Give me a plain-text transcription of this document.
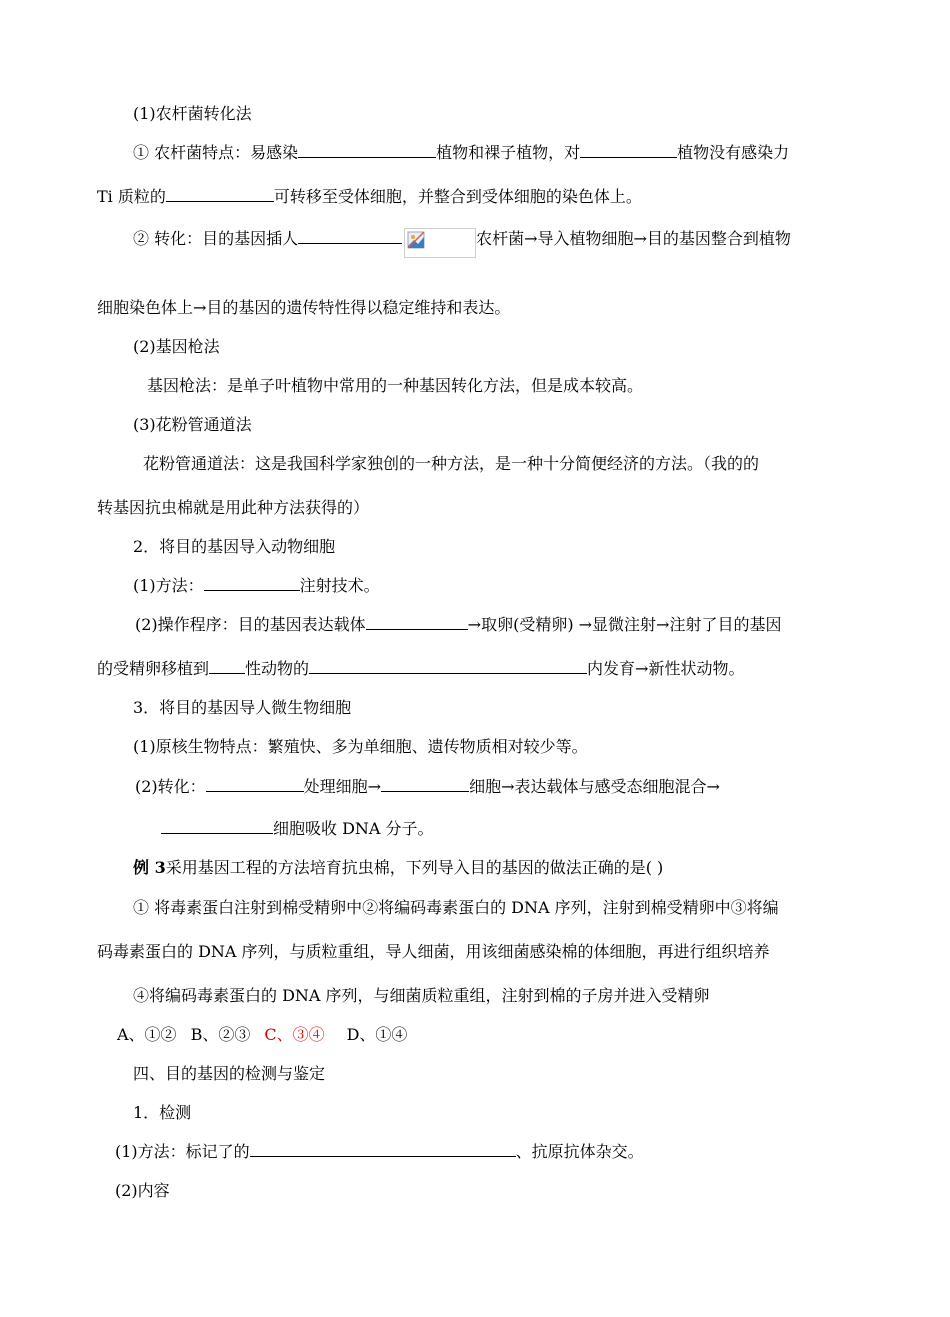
(1)农杆菌转化法
① 农杆菌特点：易感染	植物和裸子植物，对	植物没有感染力
Ti 质粒的	可转移至受体细胞，并整合到受体细胞的染色体上。
② 转化：目的基因插人	农杆菌→导入植物细胞→目的基因整合到植物
细胞染色体上→目的基因的遗传特性得以稳定维持和表达。
(2)基因枪法
基因枪法：是单子叶植物中常用的一种基因转化方法，但是成本较高。
(3)花粉管通道法
花粉管通道法：这是我国科学家独创的一种方法，是一种十分简便经济的方法。（我的的
转基因抗虫棉就是用此种方法获得的）
2．将目的基因导入动物细胞
(1)方法：	注射技术。
(2)操作程序：目的基因表达载体	→取卵(受精卵) →显微注射→注射了目的基因
的受精卵移植到 性动物的	内发育→新性状动物。
3．将目的基因导人微生物细胞
(1)原核生物特点：繁殖快、多为单细胞、遗传物质相对较少等。
(2)转化：	处理细胞→	细胞→表达载体与感受态细胞混合→
细胞吸收 DNA 分子。
例 3采用基因工程的方法培育抗虫棉，下列导入目的基因的做法正确的是( )
① 将毒素蛋白注射到棉受精卵中②将编码毒素蛋白的 DNA 序列，注射到棉受精卵中③将编
码毒素蛋白的 DNA 序列，与质粒重组，导人细菌，用该细菌感染棉的体细胞，再进行组织培养
④将编码毒素蛋白的 DNA 序列，与细菌质粒重组，注射到棉的子房并进入受精卵
A、①② B、②③ C、③④ D、①④
四、目的基因的检测与鉴定
1．检测
(1)方法：标记了的	、抗原抗体杂交。
(2)内容
